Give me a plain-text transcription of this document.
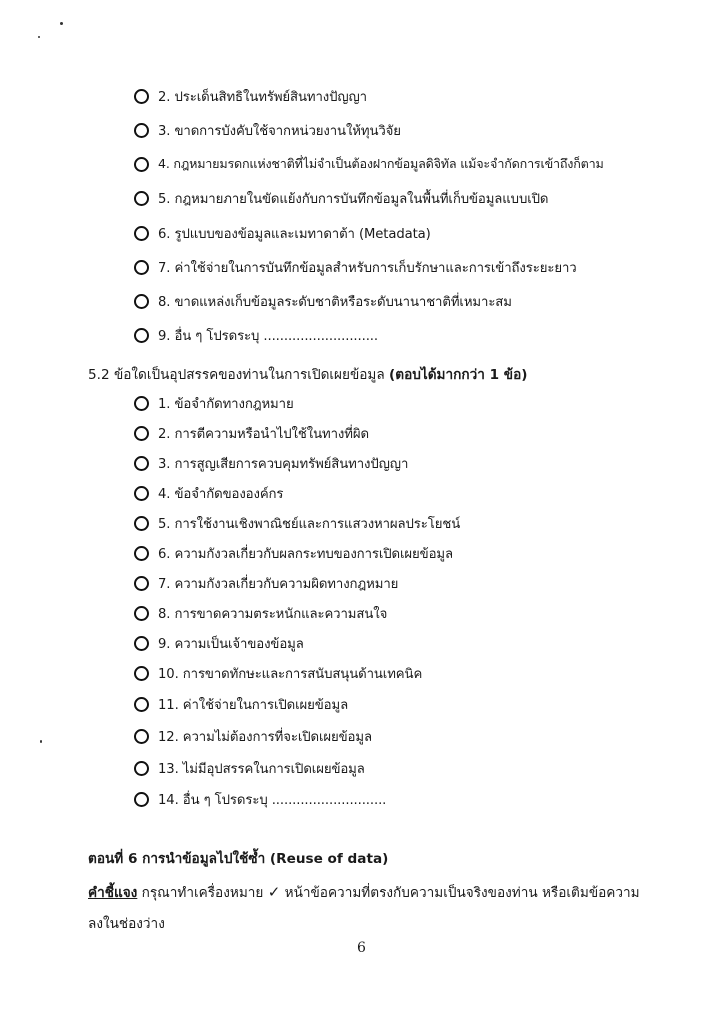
2. ประเด็นสิทธิในทรัพย์สินทางปัญญา
3. ขาดการบังคับใช้จากหน่วยงานให้ทุนวิจัย
4. กฎหมายมรดกแห่งชาติที่ไม่จำเป็นต้องฝากข้อมูลดิจิทัล แม้จะจำกัดการเข้าถึงก็ตาม
5. กฎหมายภายในขัดแย้งกับการบันทึกข้อมูลในพื้นที่เก็บข้อมูลแบบเปิด
6. รูปแบบของข้อมูลและเมทาดาต้า (Metadata)
7. ค่าใช้จ่ายในการบันทึกข้อมูลสำหรับการเก็บรักษาและการเข้าถึงระยะยาว
8. ขาดแหล่งเก็บข้อมูลระดับชาติหรือระดับนานาชาติที่เหมาะสม
9. อื่น ๆ โปรดระบุ ............................
5.2 ข้อใดเป็นอุปสรรคของท่านในการเปิดเผยข้อมูล (ตอบได้มากกว่า 1 ข้อ)
1. ข้อจำกัดทางกฎหมาย
2. การตีความหรือนำไปใช้ในทางที่ผิด
3. การสูญเสียการควบคุมทรัพย์สินทางปัญญา
4. ข้อจำกัดขององค์กร
5. การใช้งานเชิงพาณิชย์และการแสวงหาผลประโยชน์
6. ความกังวลเกี่ยวกับผลกระทบของการเปิดเผยข้อมูล
7. ความกังวลเกี่ยวกับความผิดทางกฎหมาย
8. การขาดความตระหนักและความสนใจ
9. ความเป็นเจ้าของข้อมูล
10. การขาดทักษะและการสนับสนุนด้านเทคนิค
11. ค่าใช้จ่ายในการเปิดเผยข้อมูล
12. ความไม่ต้องการที่จะเปิดเผยข้อมูล
13. ไม่มีอุปสรรคในการเปิดเผยข้อมูล
14. อื่น ๆ โปรดระบุ ............................
ตอนที่ 6 การนำข้อมูลไปใช้ซ้ำ (Reuse of data)
คำชี้แจง กรุณาทำเครื่องหมาย ✓ หน้าข้อความที่ตรงกับความเป็นจริงของท่าน หรือเติมข้อความลงในช่องว่าง
6
